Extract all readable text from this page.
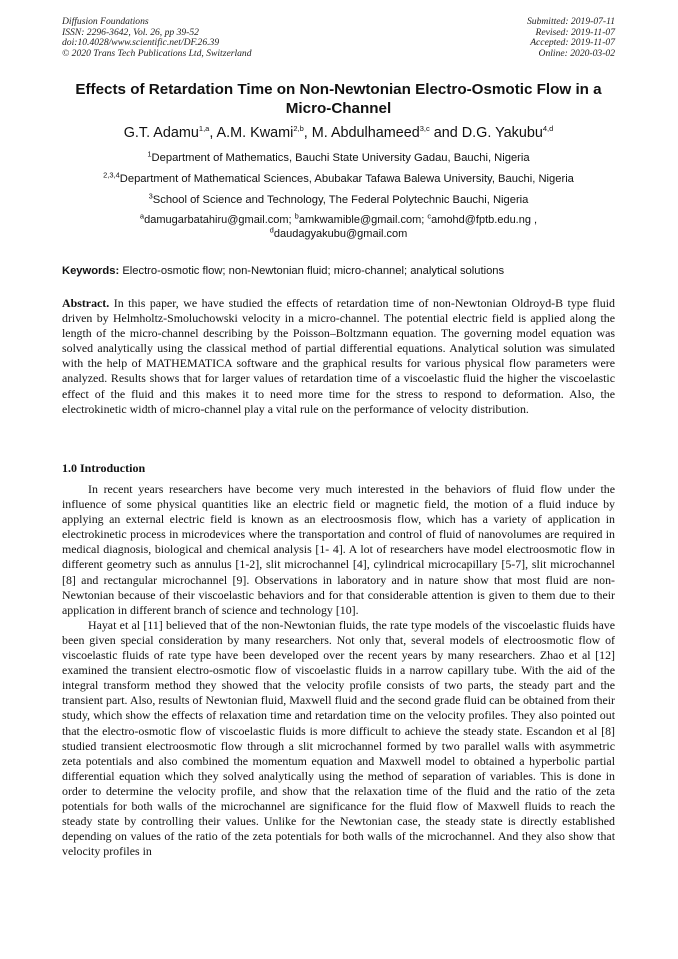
Diffusion Foundations
ISSN: 2296-3642, Vol. 26, pp 39-52
doi:10.4028/www.scientific.net/DF.26.39
© 2020 Trans Tech Publications Ltd, Switzerland
Submitted: 2019-07-11
Revised: 2019-11-07
Accepted: 2019-11-07
Online: 2020-03-02
Effects of Retardation Time on Non-Newtonian Electro-Osmotic Flow in a Micro-Channel
G.T. Adamu$^{1,a}$, A.M. Kwami$^{2,b}$, M. Abdulhameed$^{3,c}$ and D.G. Yakubu$^{4,d}$
$^1$Department of Mathematics, Bauchi State University Gadau, Bauchi, Nigeria
$^{2,3,4}$Department of Mathematical Sciences, Abubakar Tafawa Balewa University, Bauchi, Nigeria
$^3$School of Science and Technology, The Federal Polytechnic Bauchi, Nigeria
$^a$damugarbatahiru@gmail.com; $^b$amkwamible@gmail.com; $^c$amohd@fptb.edu.ng ,
$^d$daudagyakubu@gmail.com
Keywords: Electro-osmotic flow; non-Newtonian fluid; micro-channel; analytical solutions
Abstract. In this paper, we have studied the effects of retardation time of non-Newtonian Oldroyd-B type fluid driven by Helmholtz-Smoluchowski velocity in a micro-channel. The potential electric field is applied along the length of the micro-channel describing by the Poisson–Boltzmann equation. The governing model equation was solved analytically using the classical method of partial differential equations. Analytical solution was simulated with the help of MATHEMATICA software and the graphical results for various physical flow parameters were analyzed. Results shows that for larger values of retardation time of a viscoelastic fluid the higher the viscoelastic effect of the fluid and this makes it to need more time for the stress to respond to deformation. Also, the electrokinetic width of micro-channel play a vital rule on the performance of velocity distribution.
1.0 Introduction

In recent years researchers have become very much interested in the behaviors of fluid flow under the influence of some physical quantities like an electric field or magnetic field, the motion of a fluid induce by applying an external electric field is known as an electroosmosis flow, which has a variety of application in electrokinetic process in microdevices where the transportation and control of fluid of nanovolumes are required in medical diagnosis, biological and chemical analysis [1- 4]. A lot of researchers have model electroosmotic flow in different geometry such as annulus [1-2], slit microchannel [4], cylindrical microcapillary [5-7], slit microchannel [8] and rectangular microchannel [9]. Observations in laboratory and in nature show that most fluid are non-Newtonian because of their viscoelastic behaviors and for that considerable attention is given to them due to their application in different branch of science and technology [10].

Hayat et al [11] believed that of the non-Newtonian fluids, the rate type models of the viscoelastic fluids have been given special consideration by many researchers. Not only that, several models of electroosmotic flow of viscoelastic fluids of rate type have been developed over the recent years by many researchers. Zhao et al [12] examined the transient electro-osmotic flow of viscoelastic fluids in a narrow capillary tube. With the aid of the integral transform method they showed that the velocity profile consists of two parts, the steady part and the transient part. Also, results of Newtonian fluid, Maxwell fluid and the second grade fluid can be obtained from their study, which show the effects of relaxation time and retardation time on the velocity profiles. They also pointed out that the electro-osmotic flow of viscoelastic fluids is more difficult to achieve the steady state. Escandon et al [8] studied transient electroosmotic flow through a slit microchannel formed by two parallel walls with asymmetric zeta potentials and also combined the momentum equation and Maxwell model to obtained a hyperbolic partial differential equation which they solved analytically using the method of separation of variables. This is done in order to determine the velocity profile, and show that the relaxation time of the fluid and the ratio of the zeta potentials for both walls of the microchannel are significance for the fluid flow of Maxwell fluids to reach the steady state by controlling their values. Unlike for the Newtonian case, the steady state is directly established depending on values of the ratio of the zeta potentials for both walls of the microchannel. And they also show that velocity profiles in
